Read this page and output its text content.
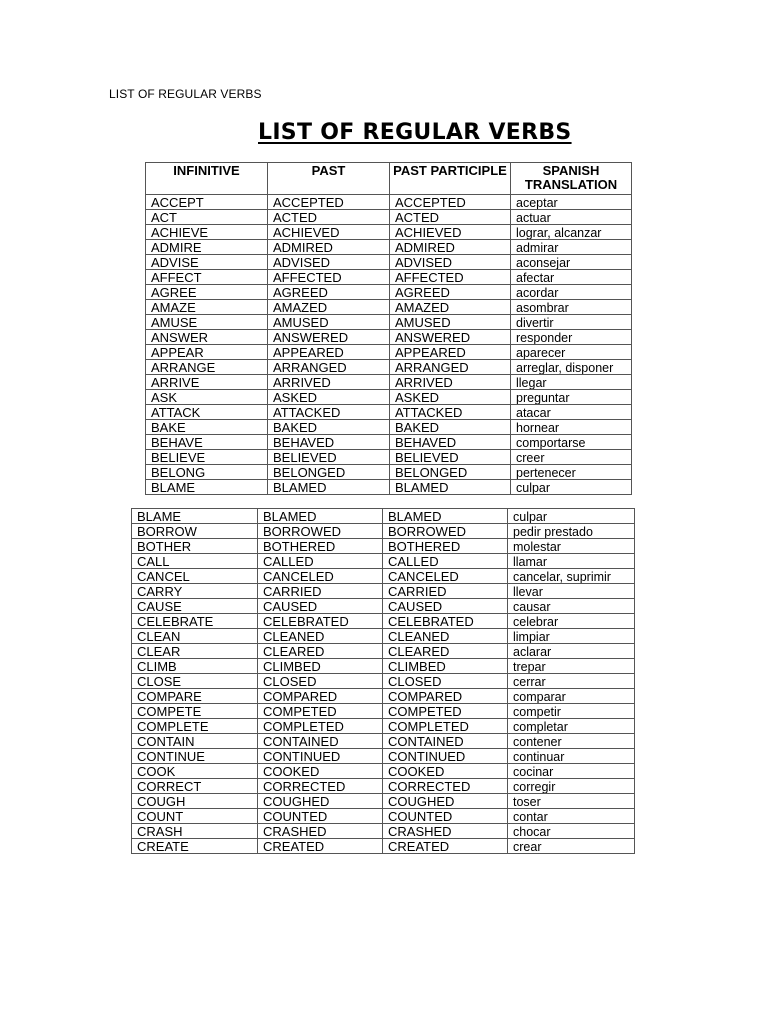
LIST OF REGULAR VERBS
LIST OF REGULAR VERBS
INFINITIVE	PAST	PAST PARTICIPLE	SPANISH TRANSLATION
ACCEPT	ACCEPTED	ACCEPTED	aceptar
ACT	ACTED	ACTED	actuar
ACHIEVE	ACHIEVED	ACHIEVED	lograr, alcanzar
ADMIRE	ADMIRED	ADMIRED	admirar
ADVISE	ADVISED	ADVISED	aconsejar
AFFECT	AFFECTED	AFFECTED	afectar
AGREE	AGREED	AGREED	acordar
AMAZE	AMAZED	AMAZED	asombrar
AMUSE	AMUSED	AMUSED	divertir
ANSWER	ANSWERED	ANSWERED	responder
APPEAR	APPEARED	APPEARED	aparecer
ARRANGE	ARRANGED	ARRANGED	arreglar, disponer
ARRIVE	ARRIVED	ARRIVED	llegar
ASK	ASKED	ASKED	preguntar
ATTACK	ATTACKED	ATTACKED	atacar
BAKE	BAKED	BAKED	hornear
BEHAVE	BEHAVED	BEHAVED	comportarse
BELIEVE	BELIEVED	BELIEVED	creer
BELONG	BELONGED	BELONGED	pertenecer
BLAME	BLAMED	BLAMED	culpar
BLAME	BLAMED	BLAMED	culpar
BORROW	BORROWED	BORROWED	pedir prestado
BOTHER	BOTHERED	BOTHERED	molestar
CALL	CALLED	CALLED	llamar
CANCEL	CANCELED	CANCELED	cancelar, suprimir
CARRY	CARRIED	CARRIED	llevar
CAUSE	CAUSED	CAUSED	causar
CELEBRATE	CELEBRATED	CELEBRATED	celebrar
CLEAN	CLEANED	CLEANED	limpiar
CLEAR	CLEARED	CLEARED	aclarar
CLIMB	CLIMBED	CLIMBED	trepar
CLOSE	CLOSED	CLOSED	cerrar
COMPARE	COMPARED	COMPARED	comparar
COMPETE	COMPETED	COMPETED	competir
COMPLETE	COMPLETED	COMPLETED	completar
CONTAIN	CONTAINED	CONTAINED	contener
CONTINUE	CONTINUED	CONTINUED	continuar
COOK	COOKED	COOKED	cocinar
CORRECT	CORRECTED	CORRECTED	corregir
COUGH	COUGHED	COUGHED	toser
COUNT	COUNTED	COUNTED	contar
CRASH	CRASHED	CRASHED	chocar
CREATE	CREATED	CREATED	crear
